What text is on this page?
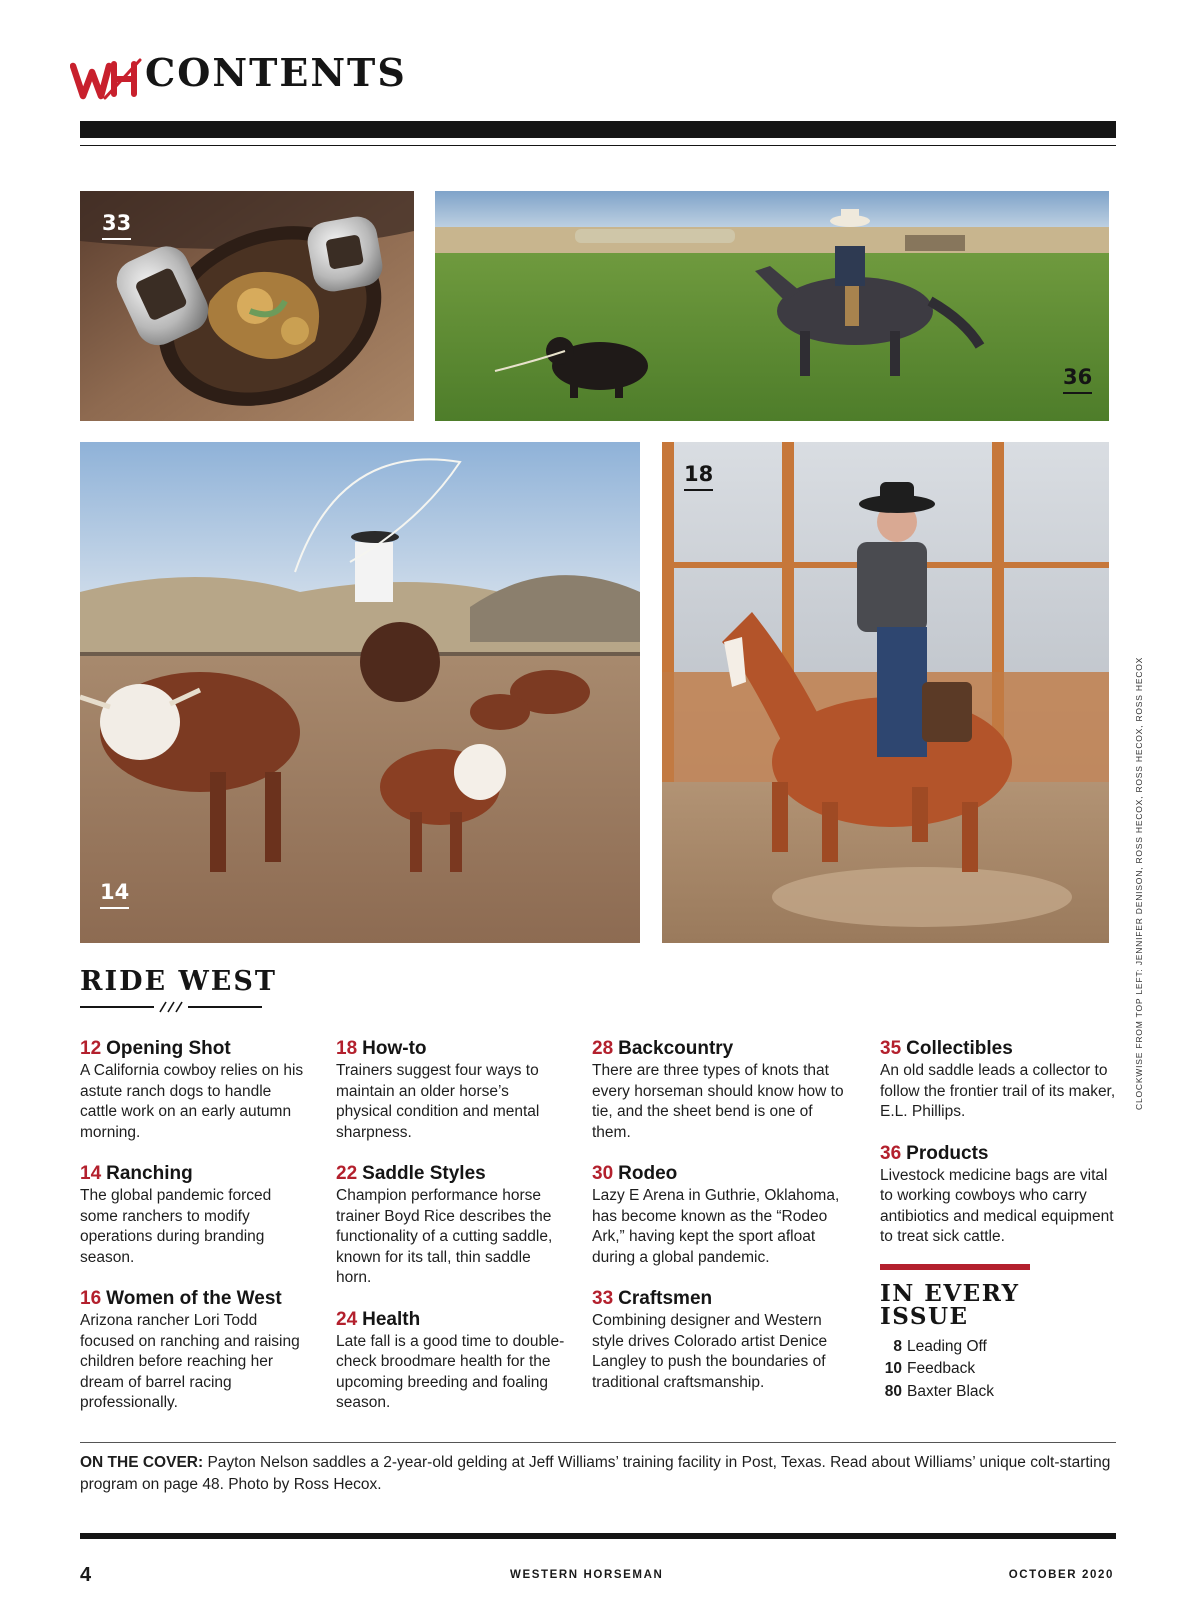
CONTENTS
33
36
14
18
RIDE WEST
12 Opening Shot

A California cowboy relies on his astute ranch dogs to handle cattle work on an early autumn morning.

14 Ranching

The global pandemic forced some ranchers to modify operations during branding season.

16 Women of the West

Arizona rancher Lori Todd focused on ranching and raising children before reaching her dream of barrel racing professionally.

18 How-to

Trainers suggest four ways to maintain an older horse’s physical condition and mental sharpness.

22 Saddle Styles

Champion performance horse trainer Boyd Rice describes the functionality of a cutting saddle, known for its tall, thin saddle horn.

24 Health

Late fall is a good time to double-check broodmare health for the upcoming breeding and foaling season.

28 Backcountry

There are three types of knots that every horseman should know how to tie, and the sheet bend is one of them.

30 Rodeo

Lazy E Arena in Guthrie, Oklahoma, has become known as the “Rodeo Ark,” having kept the sport afloat during a global pandemic.

33 Craftsmen

Combining designer and Western style drives Colorado artist Denice Langley to push the boundaries of traditional craftsmanship.

35 Collectibles

An old saddle leads a collector to follow the frontier trail of its maker, E.L. Phillips.

36 Products

Livestock medicine bags are vital to working cowboys who carry antibiotics and medical equipment to treat sick cattle.

IN EVERY ISSUE
8 Leading Off
10 Feedback
80 Baxter Black
CLOCKWISE FROM TOP LEFT: JENNIFER DENISON, ROSS HECOX, ROSS HECOX, ROSS HECOX

ON THE COVER: Payton Nelson saddles a 2-year-old gelding at Jeff Williams’ training facility in Post, Texas. Read about Williams’ unique colt-starting program on page 48. Photo by Ross Hecox.

4	WESTERN HORSEMAN	OCTOBER 2020
